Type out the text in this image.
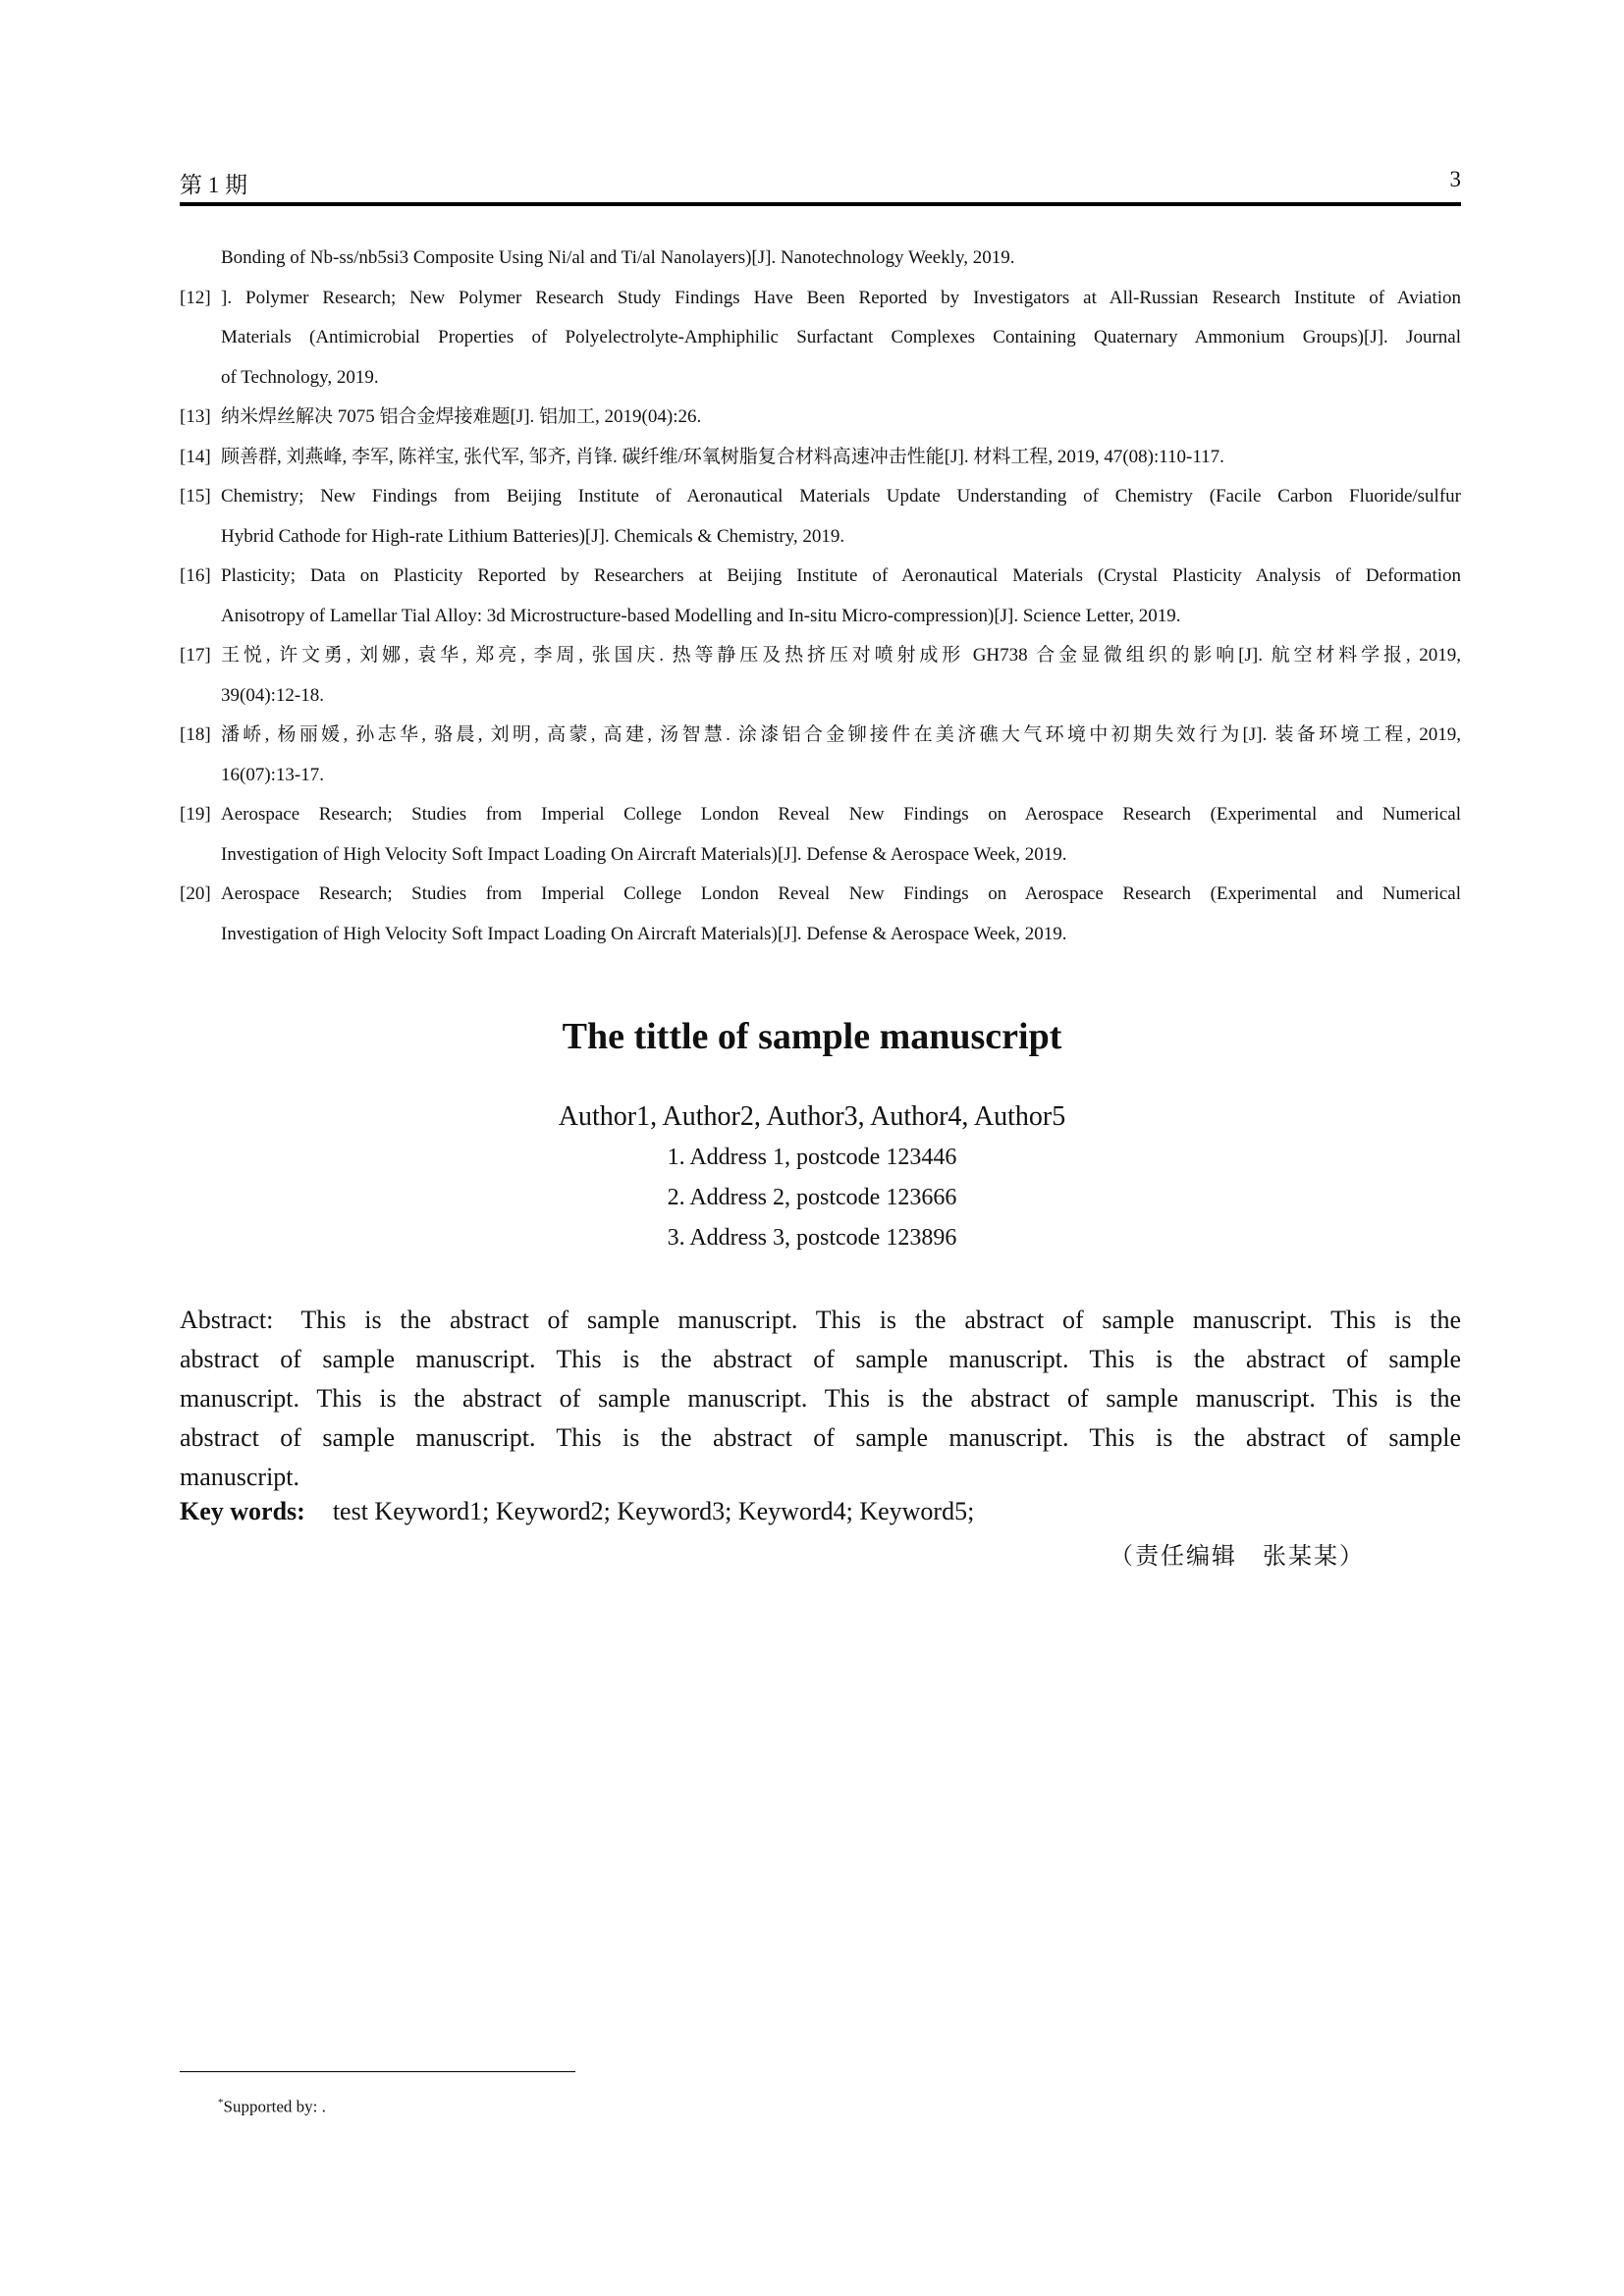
第 1 期	3
Bonding of Nb-ss/nb5si3 Composite Using Ni/al and Ti/al Nanolayers)[J]. Nanotechnology Weekly, 2019.
[12] ]. Polymer Research; New Polymer Research Study Findings Have Been Reported by Investigators at All-Russian Research Institute of Aviation
Materials (Antimicrobial Properties of Polyelectrolyte-Amphiphilic Surfactant Complexes Containing Quaternary Ammonium Groups)[J]. Journal
of Technology, 2019.
[13] 纳米焊丝解决 7075 铝合金焊接难题[J]. 铝加工, 2019(04):26.
[14] 顾善群, 刘燕峰, 李军, 陈祥宝, 张代军, 邹齐, 肖锋. 碳纤维/环氧树脂复合材料高速冲击性能[J]. 材料工程, 2019, 47(08):110-117.
[15] Chemistry; New Findings from Beijing Institute of Aeronautical Materials Update Understanding of Chemistry (Facile Carbon Fluoride/sulfur
Hybrid Cathode for High-rate Lithium Batteries)[J]. Chemicals & Chemistry, 2019.
[16] Plasticity; Data on Plasticity Reported by Researchers at Beijing Institute of Aeronautical Materials (Crystal Plasticity Analysis of Deformation
Anisotropy of Lamellar Tial Alloy: 3d Microstructure-based Modelling and In-situ Micro-compression)[J]. Science Letter, 2019.
[17] 王悦, 许文勇, 刘娜, 袁华, 郑亮, 李周, 张国庆. 热等静压及热挤压对喷射成形 GH738 合金显微组织的影响[J]. 航空材料学报, 2019,
39(04):12-18.
[18] 潘峤, 杨丽媛, 孙志华, 骆晨, 刘明, 高蒙, 高建, 汤智慧. 涂漆铝合金铆接件在美济礁大气环境中初期失效行为[J]. 装备环境工程, 2019,
16(07):13-17.
[19] Aerospace Research; Studies from Imperial College London Reveal New Findings on Aerospace Research (Experimental and Numerical
Investigation of High Velocity Soft Impact Loading On Aircraft Materials)[J]. Defense & Aerospace Week, 2019.
[20] Aerospace Research; Studies from Imperial College London Reveal New Findings on Aerospace Research (Experimental and Numerical
Investigation of High Velocity Soft Impact Loading On Aircraft Materials)[J]. Defense & Aerospace Week, 2019.
The tittle of sample manuscript
Author1, Author2, Author3, Author4, Author5
1. Address 1, postcode 123446
2. Address 2, postcode 123666
3. Address 3, postcode 123896
Abstract: This is the abstract of sample manuscript. This is the abstract of sample manuscript. This is the
abstract of sample manuscript. This is the abstract of sample manuscript. This is the abstract of sample
manuscript. This is the abstract of sample manuscript. This is the abstract of sample manuscript. This is the
abstract of sample manuscript. This is the abstract of sample manuscript. This is the abstract of sample
manuscript.
Key words: test Keyword1; Keyword2; Keyword3; Keyword4; Keyword5;
（责任编辑　张某某）
*Supported by: .
